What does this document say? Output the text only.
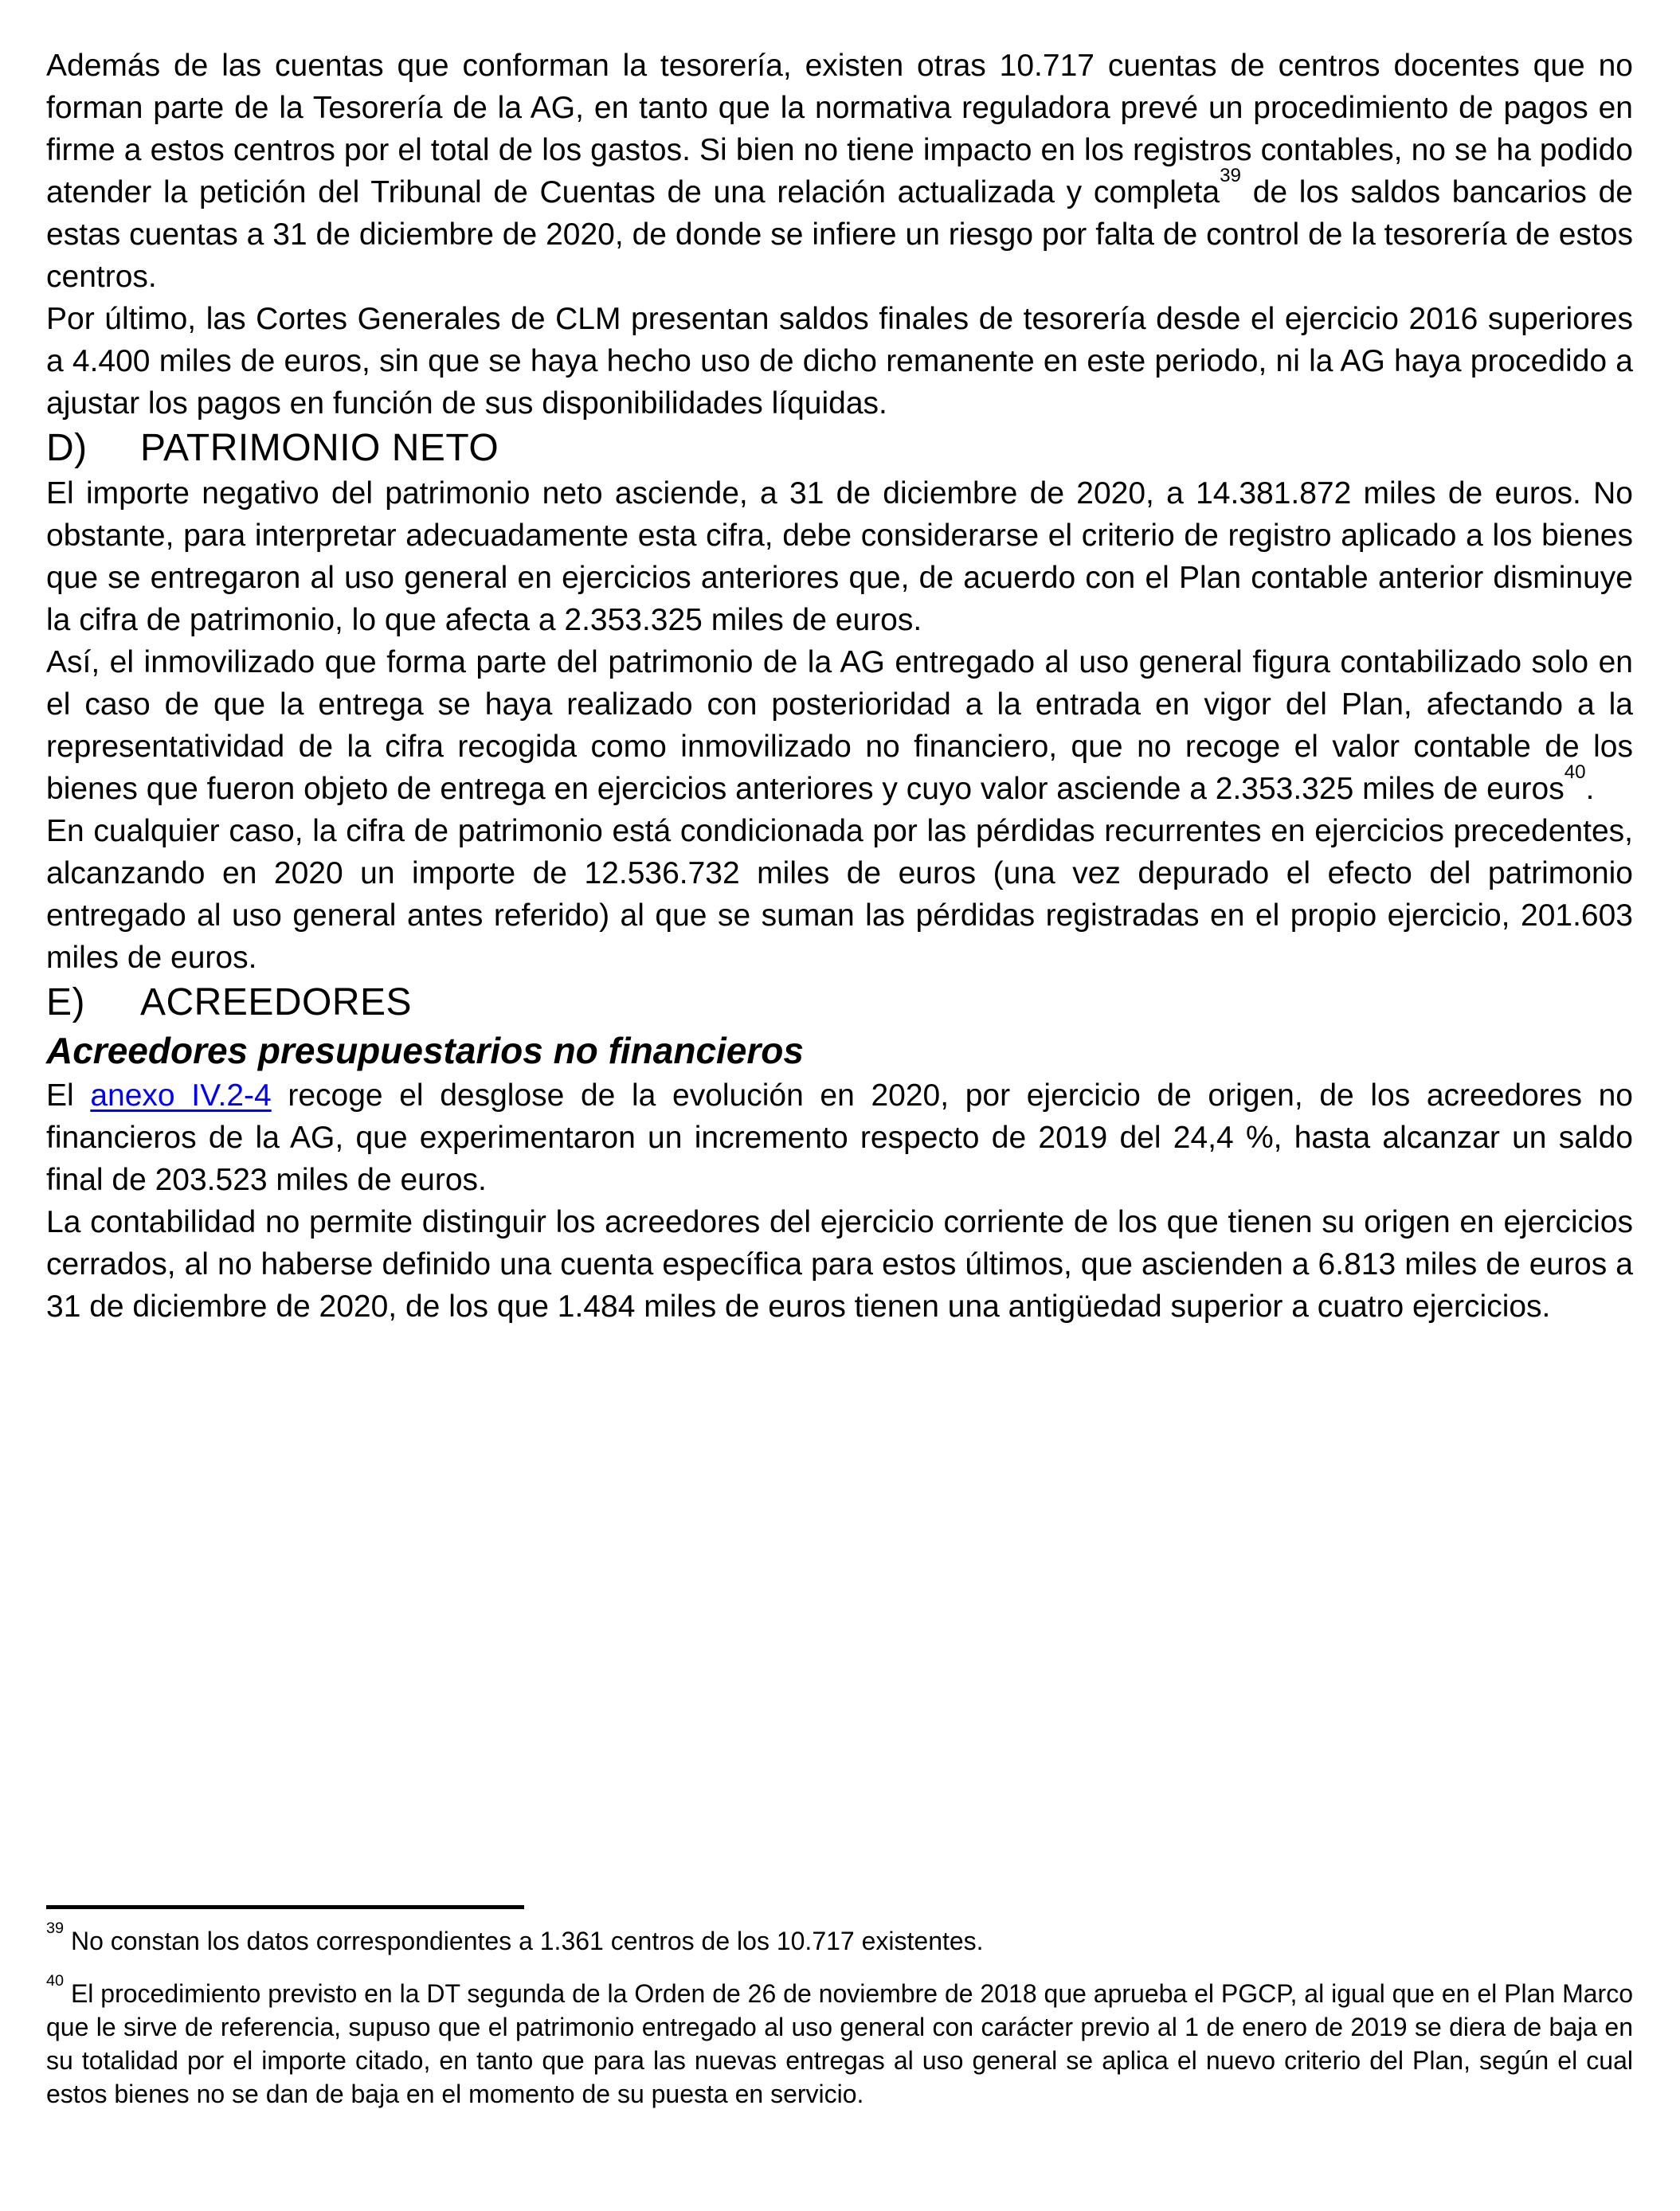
Además de las cuentas que conforman la tesorería, existen otras 10.717 cuentas de centros docentes que no forman parte de la Tesorería de la AG, en tanto que la normativa reguladora prevé un procedimiento de pagos en firme a estos centros por el total de los gastos. Si bien no tiene impacto en los registros contables, no se ha podido atender la petición del Tribunal de Cuentas de una relación actualizada y completa$^{39}$ de los saldos bancarios de estas cuentas a 31 de diciembre de 2020, de donde se infiere un riesgo por falta de control de la tesorería de estos centros.

Por último, las Cortes Generales de CLM presentan saldos finales de tesorería desde el ejercicio 2016 superiores a 4.400 miles de euros, sin que se haya hecho uso de dicho remanente en este periodo, ni la AG haya procedido a ajustar los pagos en función de sus disponibilidades líquidas.

D) PATRIMONIO NETO

El importe negativo del patrimonio neto asciende, a 31 de diciembre de 2020, a 14.381.872 miles de euros. No obstante, para interpretar adecuadamente esta cifra, debe considerarse el criterio de registro aplicado a los bienes que se entregaron al uso general en ejercicios anteriores que, de acuerdo con el Plan contable anterior disminuye la cifra de patrimonio, lo que afecta a 2.353.325 miles de euros.

Así, el inmovilizado que forma parte del patrimonio de la AG entregado al uso general figura contabilizado solo en el caso de que la entrega se haya realizado con posterioridad a la entrada en vigor del Plan, afectando a la representatividad de la cifra recogida como inmovilizado no financiero, que no recoge el valor contable de los bienes que fueron objeto de entrega en ejercicios anteriores y cuyo valor asciende a 2.353.325 miles de euros$^{40}$.

En cualquier caso, la cifra de patrimonio está condicionada por las pérdidas recurrentes en ejercicios precedentes, alcanzando en 2020 un importe de 12.536.732 miles de euros (una vez depurado el efecto del patrimonio entregado al uso general antes referido) al que se suman las pérdidas registradas en el propio ejercicio, 201.603 miles de euros.

E) ACREEDORES
Acreedores presupuestarios no financieros

El anexo IV.2-4 recoge el desglose de la evolución en 2020, por ejercicio de origen, de los acreedores no financieros de la AG, que experimentaron un incremento respecto de 2019 del 24,4 %, hasta alcanzar un saldo final de 203.523 miles de euros.

La contabilidad no permite distinguir los acreedores del ejercicio corriente de los que tienen su origen en ejercicios cerrados, al no haberse definido una cuenta específica para estos últimos, que ascienden a 6.813 miles de euros a 31 de diciembre de 2020, de los que 1.484 miles de euros tienen una antigüedad superior a cuatro ejercicios.

$^{39}$ No constan los datos correspondientes a 1.361 centros de los 10.717 existentes.

$^{40}$ El procedimiento previsto en la DT segunda de la Orden de 26 de noviembre de 2018 que aprueba el PGCP, al igual que en el Plan Marco que le sirve de referencia, supuso que el patrimonio entregado al uso general con carácter previo al 1 de enero de 2019 se diera de baja en su totalidad por el importe citado, en tanto que para las nuevas entregas al uso general se aplica el nuevo criterio del Plan, según el cual estos bienes no se dan de baja en el momento de su puesta en servicio.
